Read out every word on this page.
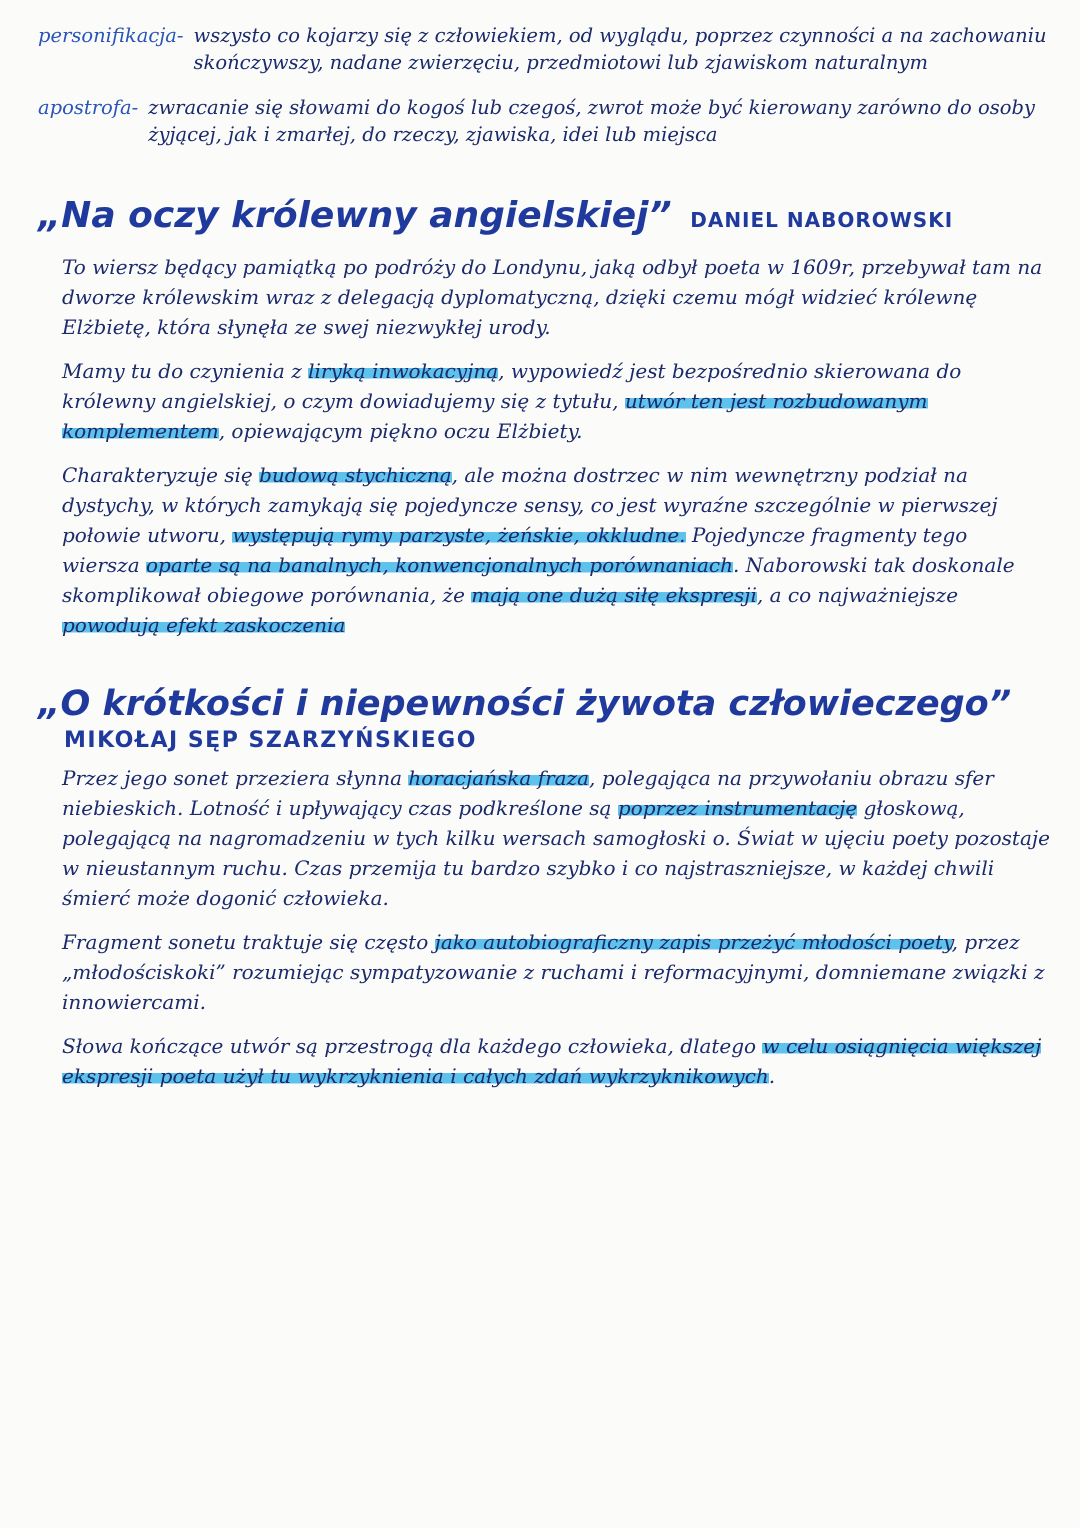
personifikacja- wszysto co kojarzy się z człowiekiem, od wyglądu, poprzez czynności a na zachowaniu skończywszy, nadane zwierzęciu, przedmiotowi lub zjawiskom naturalnym
apostrofa- zwracanie się słowami do kogoś lub czegoś, zwrot może być kierowany zarówno do osoby żyjącej, jak i zmarłej, do rzeczy, zjawiska, idei lub miejsca
„Na oczy królewny angielskiej” DANIEL NABOROWSKI

To wiersz będący pamiątką po podróży do Londynu, jaką odbył poeta w 1609r, przebywał tam na dworze królewskim wraz z delegacją dyplomatyczną, dzięki czemu mógł widzieć królewnę Elżbietę, która słynęła ze swej niezwykłej urody.

Mamy tu do czynienia z liryką inwokacyjną, wypowiedź jest bezpośrednio skierowana do królewny angielskiej, o czym dowiadujemy się z tytułu, utwór ten jest rozbudowanym komplementem, opiewającym piękno oczu Elżbiety.

Charakteryzuje się budową stychiczną, ale można dostrzec w nim wewnętrzny podział na dystychy, w których zamykają się pojedyncze sensy, co jest wyraźne szczególnie w pierwszej połowie utworu, występują rymy parzyste, żeńskie, okkludne. Pojedyncze fragmenty tego wiersza oparte są na banalnych, konwencjonalnych porównaniach. Naborowski tak doskonale skomplikował obiegowe porównania, że mają one dużą siłę ekspresji, a co najważniejsze powodują efekt zaskoczenia

„O krótkości i niepewności żywota człowieczego”
MIKOŁAJ SĘP SZARZYŃSKIEGO

Przez jego sonet przeziera słynna horacjańska fraza, polegająca na przywołaniu obrazu sfer niebieskich. Lotność i upływający czas podkreślone są poprzez instrumentację głoskową, polegającą na nagromadzeniu w tych kilku wersach samogłoski o. Świat w ujęciu poety pozostaje w nieustannym ruchu. Czas przemija tu bardzo szybko i co najstraszniejsze, w każdej chwili śmierć może dogonić człowieka.

Fragment sonetu traktuje się często jako autobiograficzny zapis przeżyć młodości poety, przez „młodościskoki” rozumiejąc sympatyzowanie z ruchami i reformacyjnymi, domniemane związki z innowiercami.

Słowa kończące utwór są przestrogą dla każdego człowieka, dlatego w celu osiągnięcia większej ekspresji poeta użył tu wykrzyknienia i całych zdań wykrzyknikowych.
